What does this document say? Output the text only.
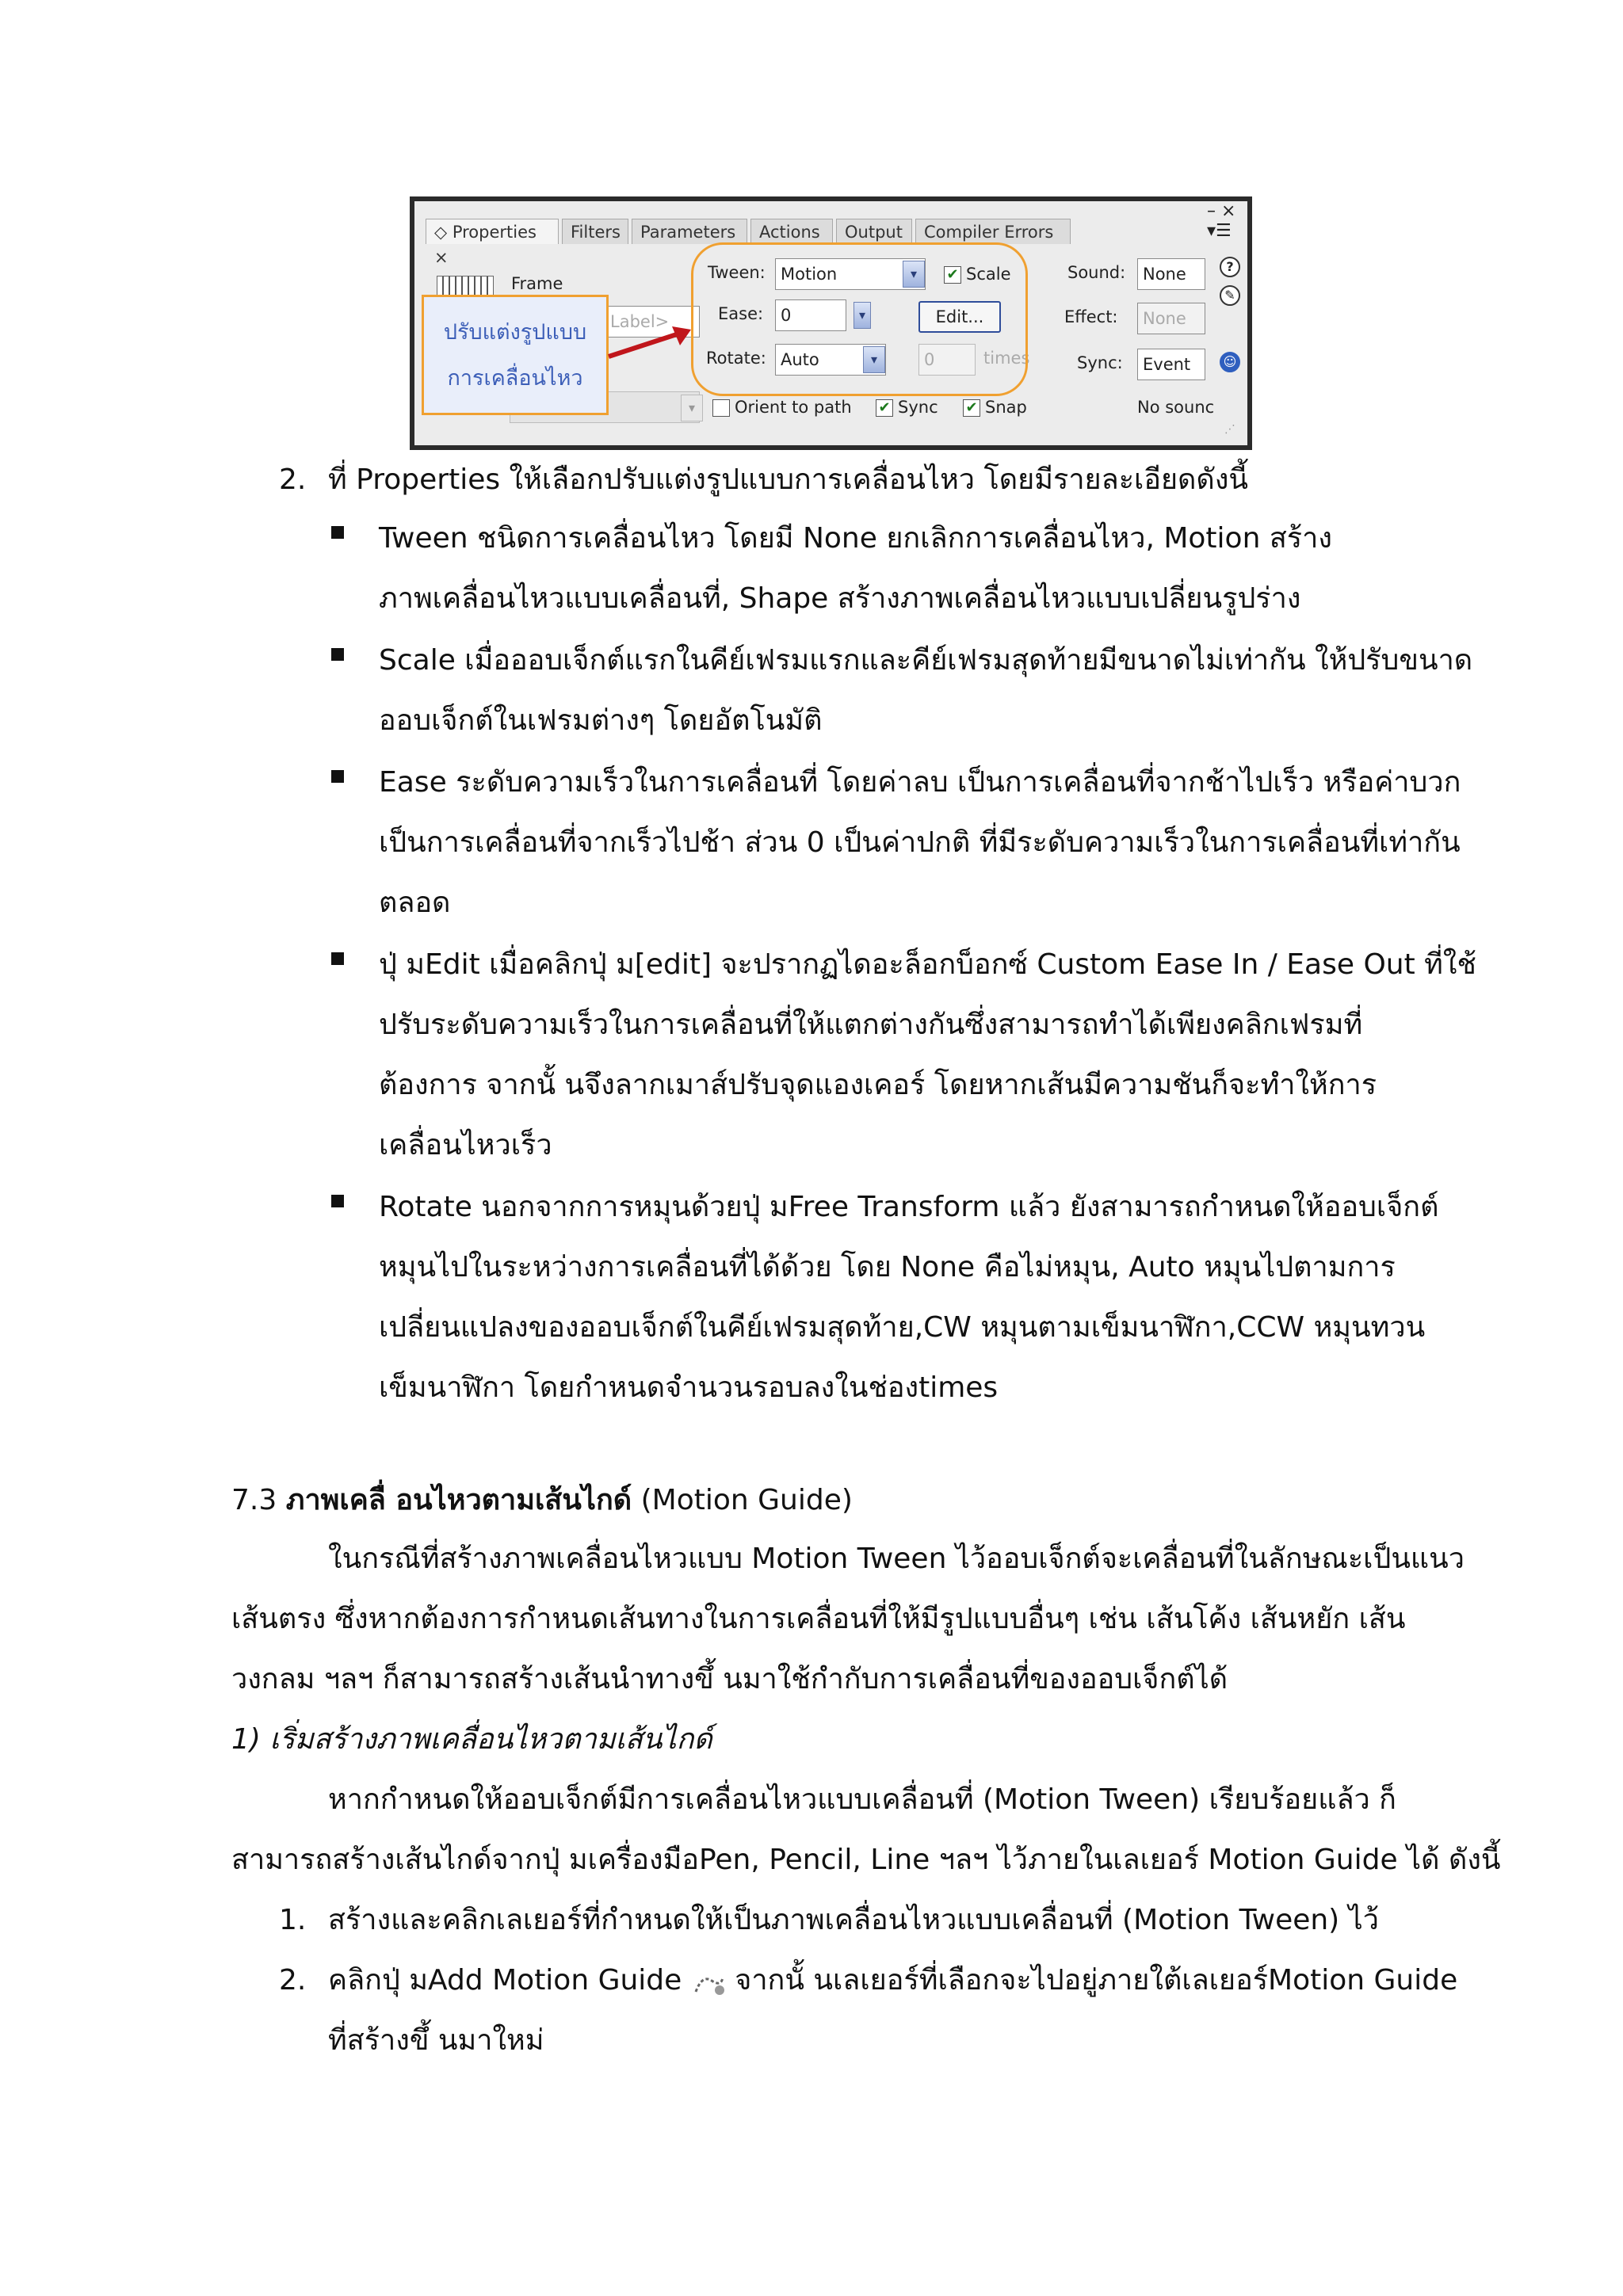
◇ Properties ×
Filters	Parameters	Actions	Output	Compiler Errors
– ×
▾☰
Frame
Label>
▾
Tween: Motion	▾	✔ Scale
Ease:	0	▾	Edit...
Rotate: Auto	▾	0	times
Orient to path ✔ Sync ✔ Snap
Sound:	None
Effect:	None
Sync:	Event
No sounc
?
✎
☺
⋰
ปรับแต่งรูปแบบ
การเคลื่อนไหว
2. ที่ Properties ให้เลือกปรับแต่งรูปแบบการเคลื่อนไหว โดยมีรายละเอียดดังนี้
Tween ชนิดการเคลื่อนไหว โดยมี None ยกเลิกการเคลื่อนไหว, Motion สร้าง
ภาพเคลื่อนไหวแบบเคลื่อนที่, Shape สร้างภาพเคลื่อนไหวแบบเปลี่ยนรูปร่าง
Scale เมื่อออบเจ็กต์แรกในคีย์เฟรมแรกและคีย์เฟรมสุดท้ายมีขนาดไม่เท่ากัน ให้ปรับขนาด
ออบเจ็กต์ในเฟรมต่างๆ โดยอัตโนมัติ
Ease ระดับความเร็วในการเคลื่อนที่ โดยค่าลบ เป็นการเคลื่อนที่จากช้าไปเร็ว หรือค่าบวก
เป็นการเคลื่อนที่จากเร็วไปช้า ส่วน 0 เป็นค่าปกติ ที่มีระดับความเร็วในการเคลื่อนที่เท่ากัน
ตลอด
ปุ่ มEdit เมื่อคลิกปุ่ ม[edit] จะปรากฏไดอะล็อกบ็อกซ์ Custom Ease In / Ease Out ที่ใช้
ปรับระดับความเร็วในการเคลื่อนที่ให้แตกต่างกันซึ่งสามารถทำได้เพียงคลิกเฟรมที่
ต้องการ จากนั้ นจึงลากเมาส์ปรับจุดแองเคอร์ โดยหากเส้นมีความชันก็จะทำให้การ
เคลื่อนไหวเร็ว
Rotate นอกจากการหมุนด้วยปุ่ มFree Transform แล้ว ยังสามารถกำหนดให้ออบเจ็กต์
หมุนไปในระหว่างการเคลื่อนที่ได้ด้วย โดย None คือไม่หมุน, Auto หมุนไปตามการ
เปลี่ยนแปลงของออบเจ็กต์ในคีย์เฟรมสุดท้าย,CW หมุนตามเข็มนาฬิกา,CCW หมุนทวน
เข็มนาฬิกา โดยกำหนดจำนวนรอบลงในช่องtimes
7.3 ภาพเคลื่ อนไหวตามเส้นไกด์ (Motion Guide)
ในกรณีที่สร้างภาพเคลื่อนไหวแบบ Motion Tween ไว้ออบเจ็กต์จะเคลื่อนที่ในลักษณะเป็นแนว
เส้นตรง ซึ่งหากต้องการกำหนดเส้นทางในการเคลื่อนที่ให้มีรูปแบบอื่นๆ เช่น เส้นโค้ง เส้นหยัก เส้น
วงกลม ฯลฯ ก็สามารถสร้างเส้นนำทางขึ้ นมาใช้กำกับการเคลื่อนที่ของออบเจ็กต์ได้
1) เริ่มสร้างภาพเคลื่อนไหวตามเส้นไกด์
หากกำหนดให้ออบเจ็กต์มีการเคลื่อนไหวแบบเคลื่อนที่ (Motion Tween) เรียบร้อยแล้ว ก็
สามารถสร้างเส้นไกด์จากปุ่ มเครื่องมือPen, Pencil, Line ฯลฯ ไว้ภายในเลเยอร์ Motion Guide ได้ ดังนี้
1. สร้างและคลิกเลเยอร์ที่กำหนดให้เป็นภาพเคลื่อนไหวแบบเคลื่อนที่ (Motion Tween) ไว้
2. คลิกปุ่ มAdd Motion Guide จากนั้ นเลเยอร์ที่เลือกจะไปอยู่ภายใต้เลเยอร์Motion Guide
ที่สร้างขึ้ นมาใหม่
